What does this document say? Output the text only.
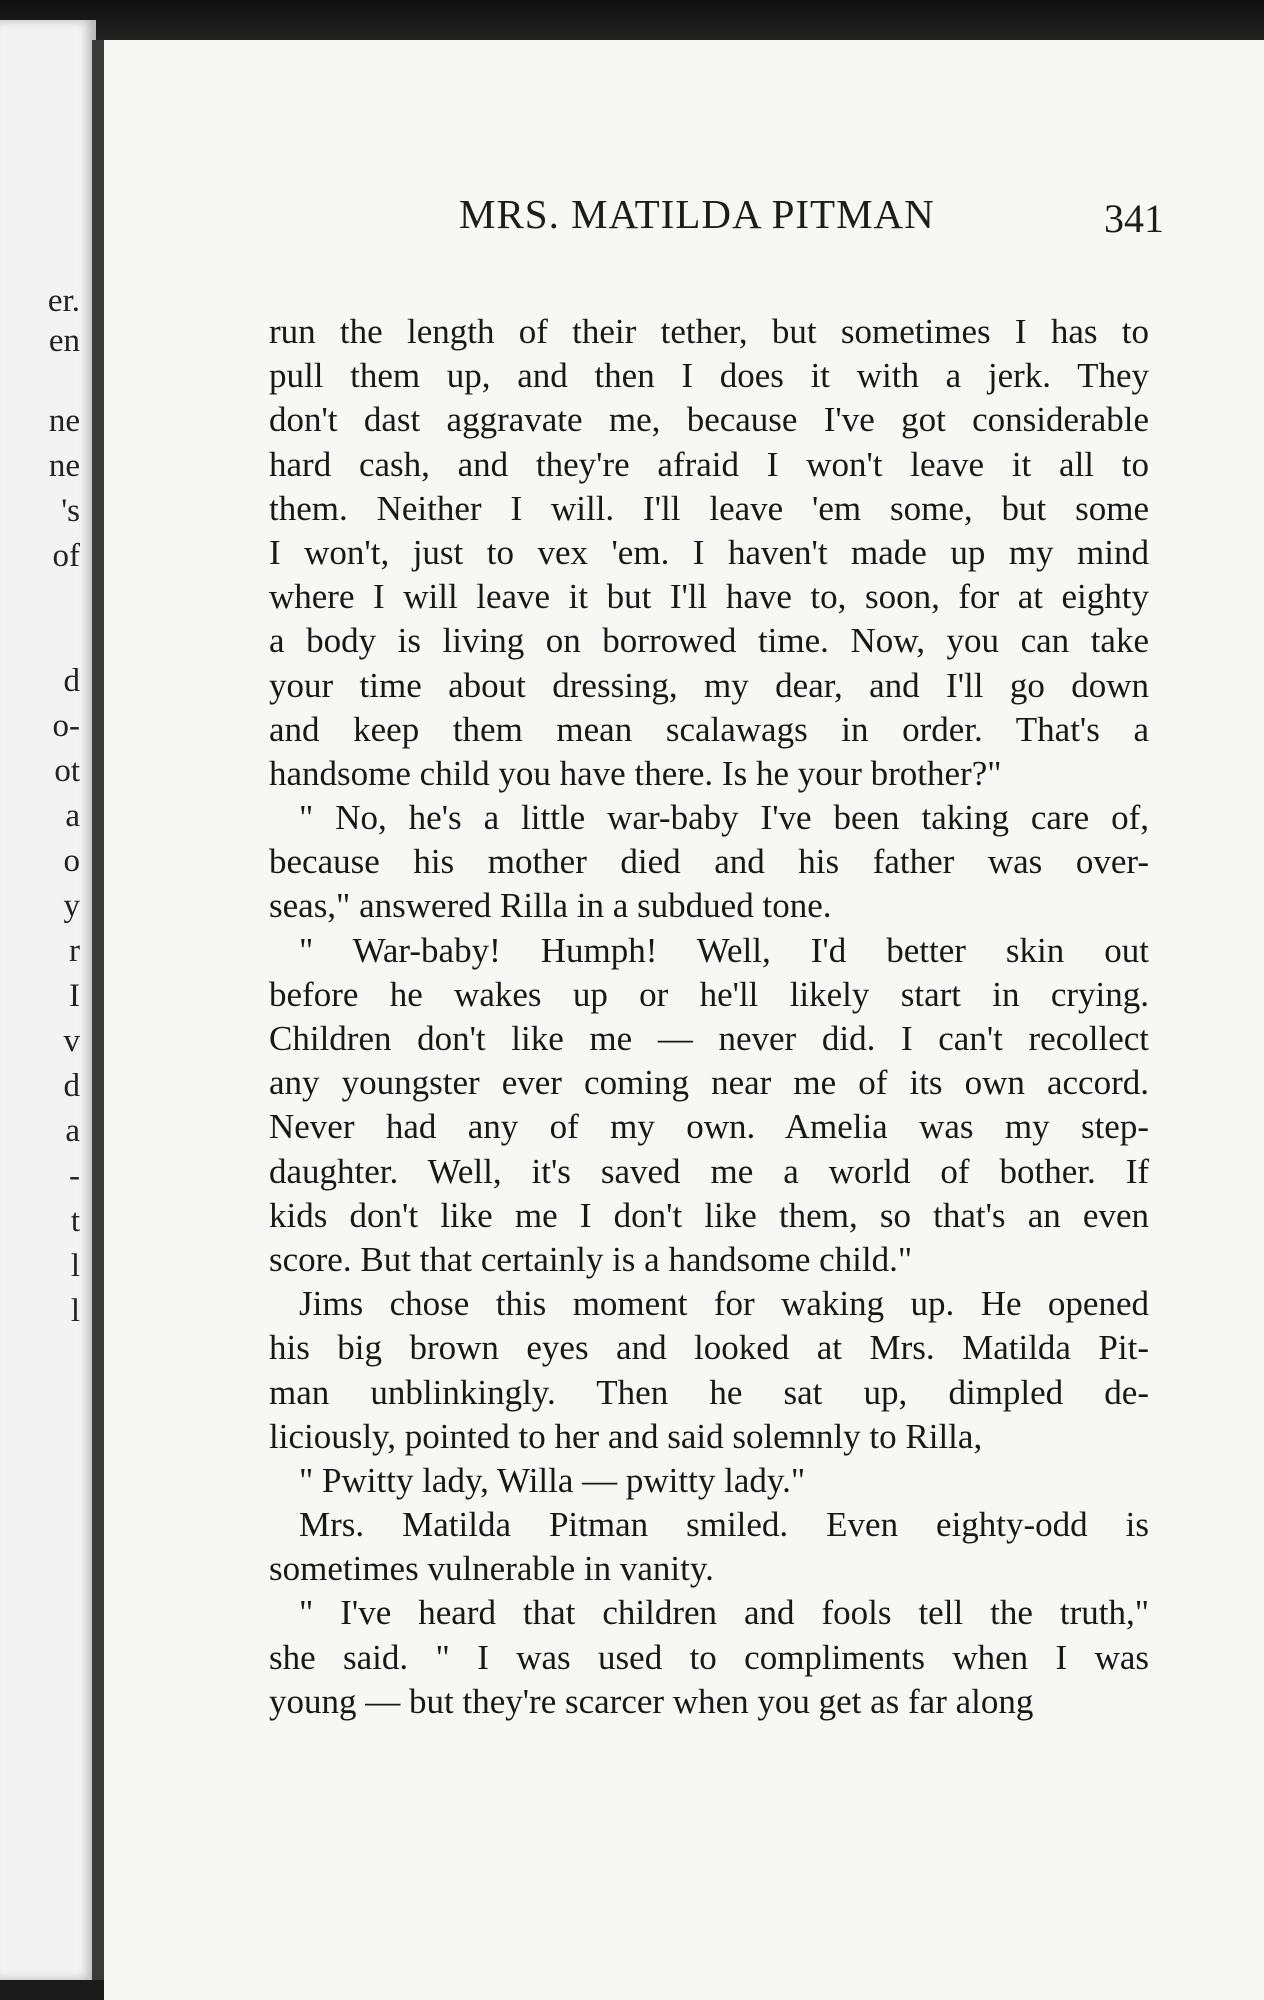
er.
en
ne
ne
's
of
d
o-
ot
a
o
y
r
I
v
d
a
-
t
l
l
MRS. MATILDA PITMAN	341
run the length of their tether, but sometimes I has to
pull them up, and then I does it with a jerk. They
don't dast aggravate me, because I've got considerable
hard cash, and they're afraid I won't leave it all to
them. Neither I will. I'll leave 'em some, but some
I won't, just to vex 'em. I haven't made up my mind
where I will leave it but I'll have to, soon, for at eighty
a body is living on borrowed time. Now, you can take
your time about dressing, my dear, and I'll go down
and keep them mean scalawags in order. That's a
handsome child you have there. Is he your brother?"
" No, he's a little war-baby I've been taking care of,
because his mother died and his father was over-
seas," answered Rilla in a subdued tone.
" War-baby! Humph! Well, I'd better skin out
before he wakes up or he'll likely start in crying.
Children don't like me — never did. I can't recollect
any youngster ever coming near me of its own accord.
Never had any of my own. Amelia was my step-
daughter. Well, it's saved me a world of bother. If
kids don't like me I don't like them, so that's an even
score. But that certainly is a handsome child."
Jims chose this moment for waking up. He opened
his big brown eyes and looked at Mrs. Matilda Pit-
man unblinkingly. Then he sat up, dimpled de-
liciously, pointed to her and said solemnly to Rilla,
" Pwitty lady, Willa — pwitty lady."
Mrs. Matilda Pitman smiled. Even eighty-odd is
sometimes vulnerable in vanity.
" I've heard that children and fools tell the truth,"
she said. " I was used to compliments when I was
young — but they're scarcer when you get as far along
